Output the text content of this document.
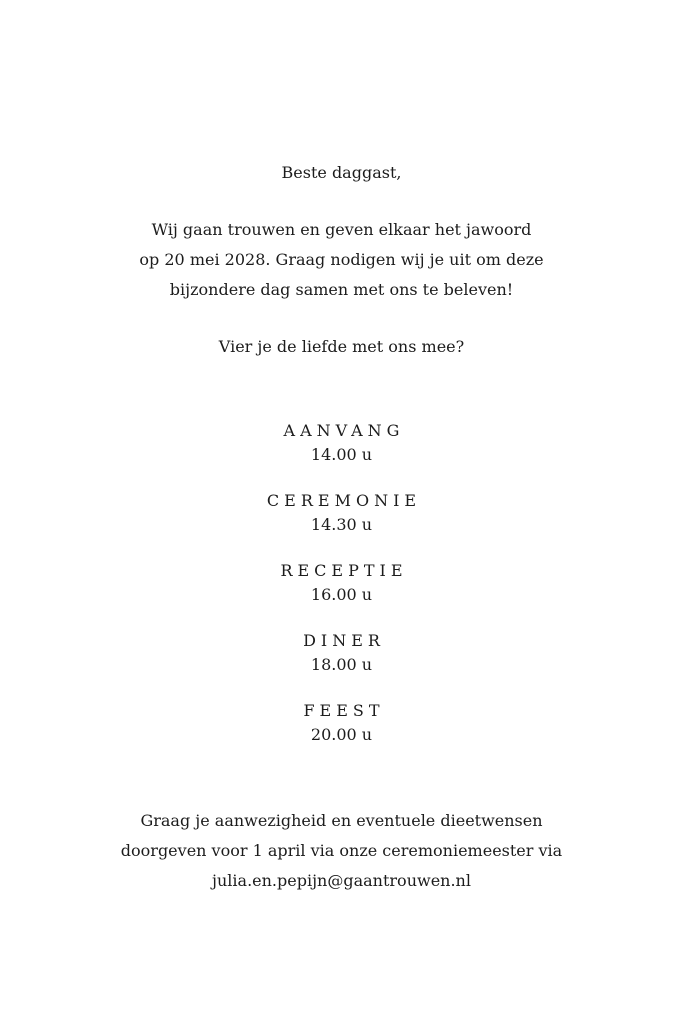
Beste daggast,
Wij gaan trouwen en geven elkaar het jawoord
op 20 mei 2028. Graag nodigen wij je uit om deze
bijzondere dag samen met ons te beleven!
Vier je de liefde met ons mee?
AANVANG
14.00 u
CEREMONIE
14.30 u
RECEPTIE
16.00 u
DINER
18.00 u
FEEST
20.00 u
Graag je aanwezigheid en eventuele dieetwensen
doorgeven voor 1 april via onze ceremoniemeester via
julia.en.pepijn@gaantrouwen.nl
